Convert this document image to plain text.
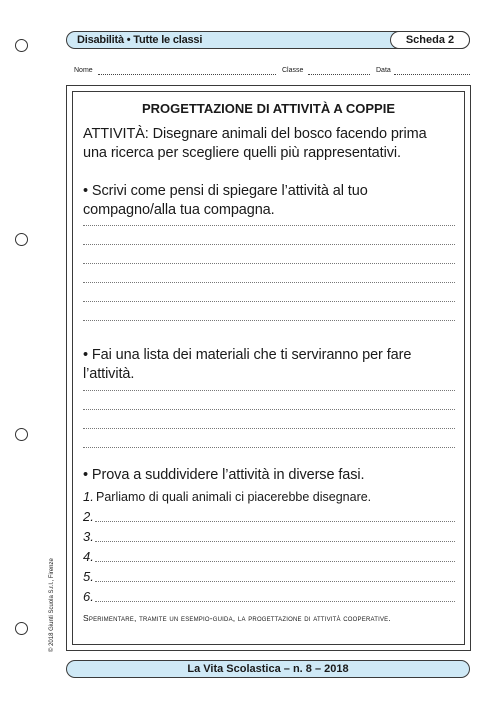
Disabilità • Tutte le classi	Scheda 2
Nome	Classe	Data
PROGETTAZIONE DI ATTIVITÀ A COPPIE
ATTIVITÀ: Disegnare animali del bosco facendo prima una ricerca per scegliere quelli più rappresentativi.
• Scrivi come pensi di spiegare l’attività al tuo compagno/alla tua compagna.
• Fai una lista dei materiali che ti serviranno per fare l’attività.
• Prova a suddividere l’attività in diverse fasi.
1. Parliamo di quali animali ci piacerebbe disegnare.
2.
3.
4.
5.
6.
Sperimentare, tramite un esempio-guida, la progettazione di attività cooperative.
La Vita Scolastica – n. 8 – 2018
© 2018 Giunti Scuola S.r.l., Firenze
